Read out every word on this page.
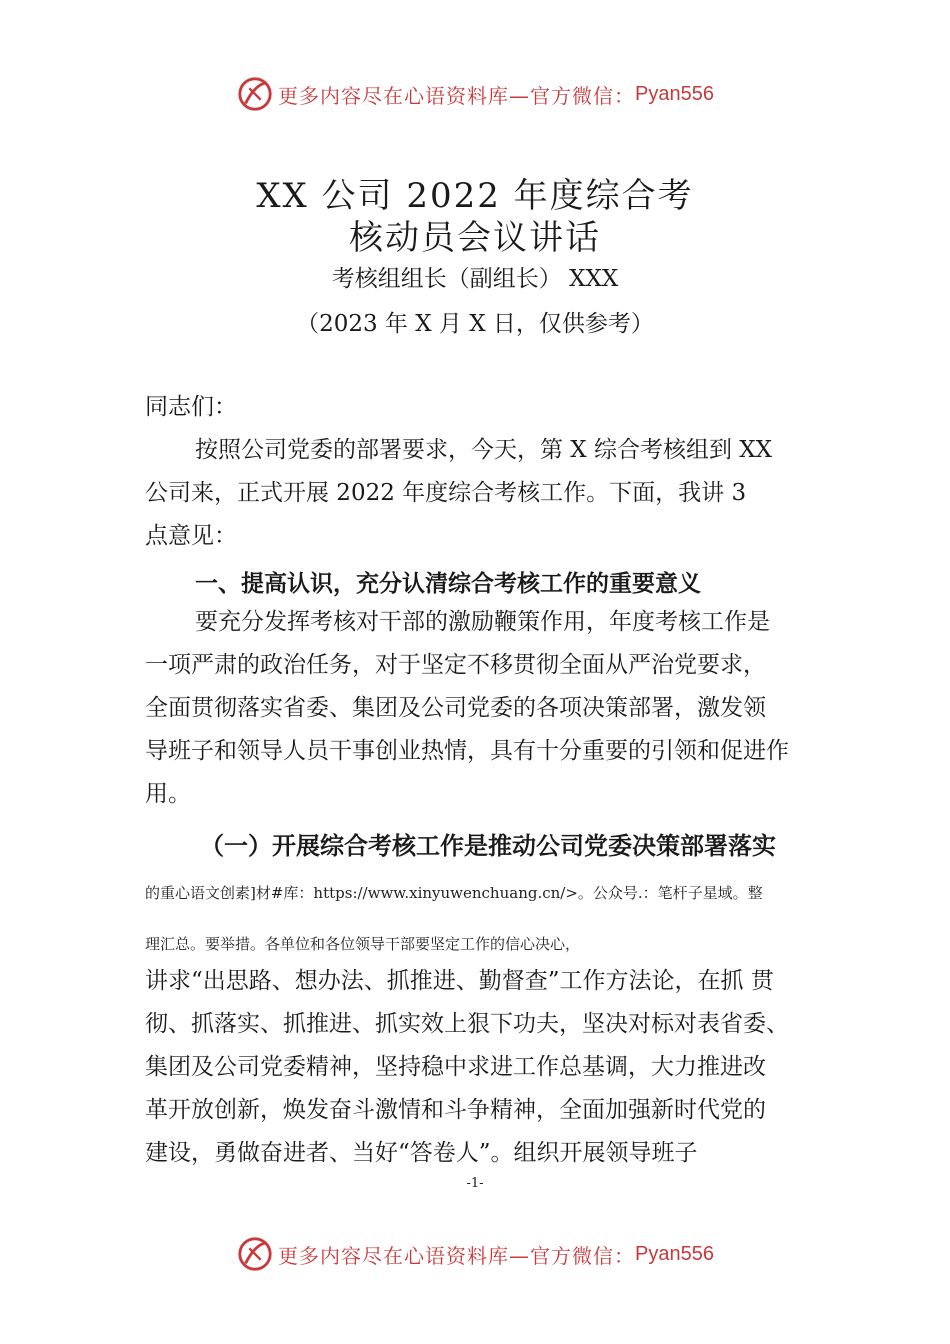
更多内容尽在心语资料库—官方微信： Pyan556
XX 公司 2022 年度综合考
核动员会议讲话
考核组组长（副组长） XXX
（2023 年 X 月 X 日，仅供参考）
同志们：
按照公司党委的部署要求，今天，第 X 综合考核组到 XX
公司来，正式开展 2022 年度综合考核工作。下面，我讲 3
点意见：
一、提高认识，充分认清综合考核工作的重要意义
要充分发挥考核对干部的激励鞭策作用，年度考核工作是
一项严肃的政治任务，对于坚定不移贯彻全面从严治党要求，
全面贯彻落实省委、集团及公司党委的各项决策部署，激发领
导班子和领导人员干事创业热情，具有十分重要的引领和促进作
用。
（一）开展综合考核工作是推动公司党委决策部署落实
的重心语文创素]材#库：https://www.xinyuwenchuang.cn/>。公众号.：笔杆子星域。整
理汇总。要举措。各单位和各位领导干部要坚定工作的信心决心，
讲求“出思路、想办法、抓推进、勤督查”工作方法论，在抓 贯
彻、抓落实、抓推进、抓实效上狠下功夫，坚决对标对表省委、
集团及公司党委精神，坚持稳中求进工作总基调，大力推进改
革开放创新，焕发奋斗激情和斗争精神，全面加强新时代党的
建设，勇做奋进者、当好“答卷人”。组织开展领导班子
-1-
更多内容尽在心语资料库—官方微信： Pyan556
